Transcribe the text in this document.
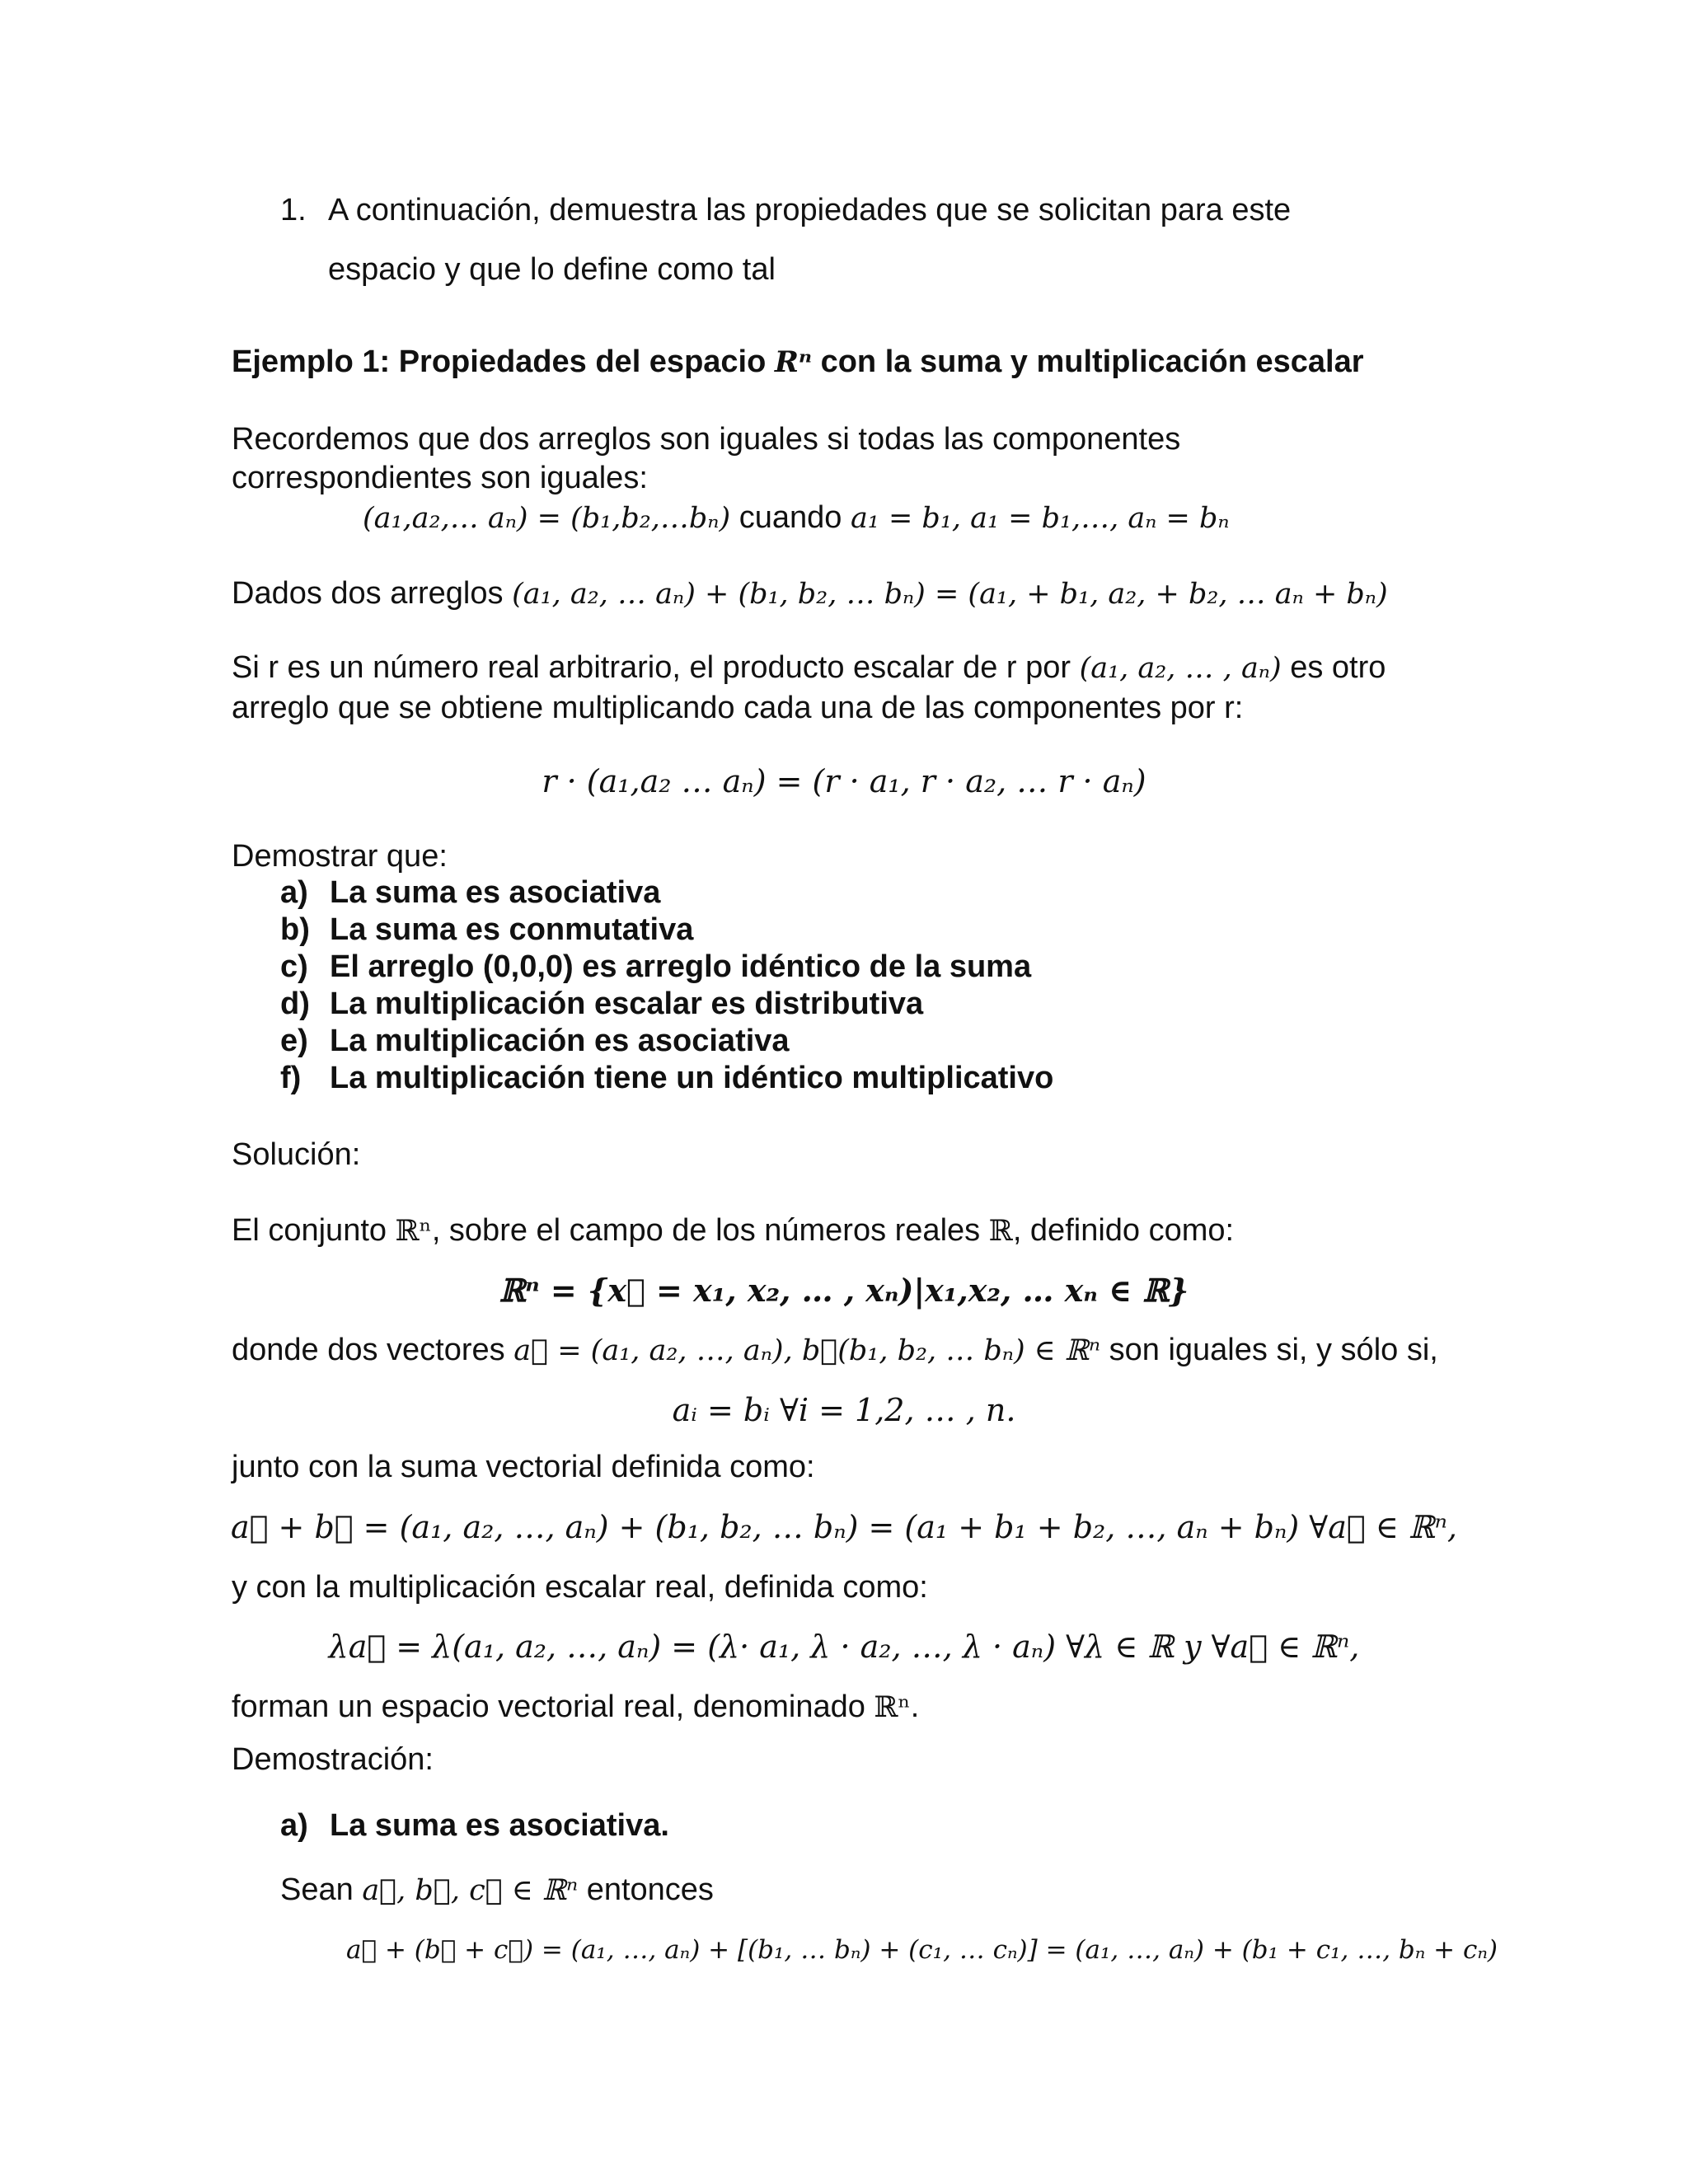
1. A continuación, demuestra las propiedades que se solicitan para este
espacio y que lo define como tal
Ejemplo 1: Propiedades del espacio Rⁿ con la suma y multiplicación escalar
Recordemos que dos arreglos son iguales si todas las componentes
correspondientes son iguales:
(a₁,a₂,… aₙ) = (b₁,b₂,…bₙ) cuando a₁ = b₁, a₁ = b₁,…, aₙ = bₙ
Dados dos arreglos (a₁, a₂, … aₙ) + (b₁, b₂, … bₙ) = (a₁, + b₁, a₂, + b₂, … aₙ + bₙ)
Si r es un número real arbitrario, el producto escalar de r por (a₁, a₂, … , aₙ) es otro
arreglo que se obtiene multiplicando cada una de las componentes por r:
r · (a₁,a₂ … aₙ) = (r · a₁, r · a₂, … r · aₙ)
Demostrar que:
a) La suma es asociativa
b) La suma es conmutativa
c) El arreglo (0,0,0) es arreglo idéntico de la suma
d) La multiplicación escalar es distributiva
e) La multiplicación es asociativa
f) La multiplicación tiene un idéntico multiplicativo
Solución:
El conjunto ℝⁿ, sobre el campo de los números reales ℝ, definido como:
ℝⁿ = {x⃗ = x₁, x₂, … , xₙ)|x₁,x₂, … xₙ ∈ ℝ}
donde dos vectores a⃗ = (a₁, a₂, …, aₙ), b⃗(b₁, b₂, … bₙ) ∈ ℝⁿ son iguales si, y sólo si,
aᵢ = bᵢ ∀i = 1,2, … , n.
junto con la suma vectorial definida como:
a⃗ + b⃗ = (a₁, a₂, …, aₙ) + (b₁, b₂, … bₙ) = (a₁ + b₁ + b₂, …, aₙ + bₙ) ∀a⃗ ∈ ℝⁿ,
y con la multiplicación escalar real, definida como:
λa⃗ = λ(a₁, a₂, …, aₙ) = (λ· a₁, λ · a₂, …, λ · aₙ) ∀λ ∈ ℝ y ∀a⃗ ∈ ℝⁿ,
forman un espacio vectorial real, denominado ℝⁿ.
Demostración:
a) La suma es asociativa.
Sean a⃗, b⃗, c⃗ ∈ ℝⁿ entonces
a⃗ + (b⃗ + c⃗) = (a₁, …, aₙ) + [(b₁, … bₙ) + (c₁, … cₙ)] = (a₁, …, aₙ) + (b₁ + c₁, …, bₙ + cₙ)
